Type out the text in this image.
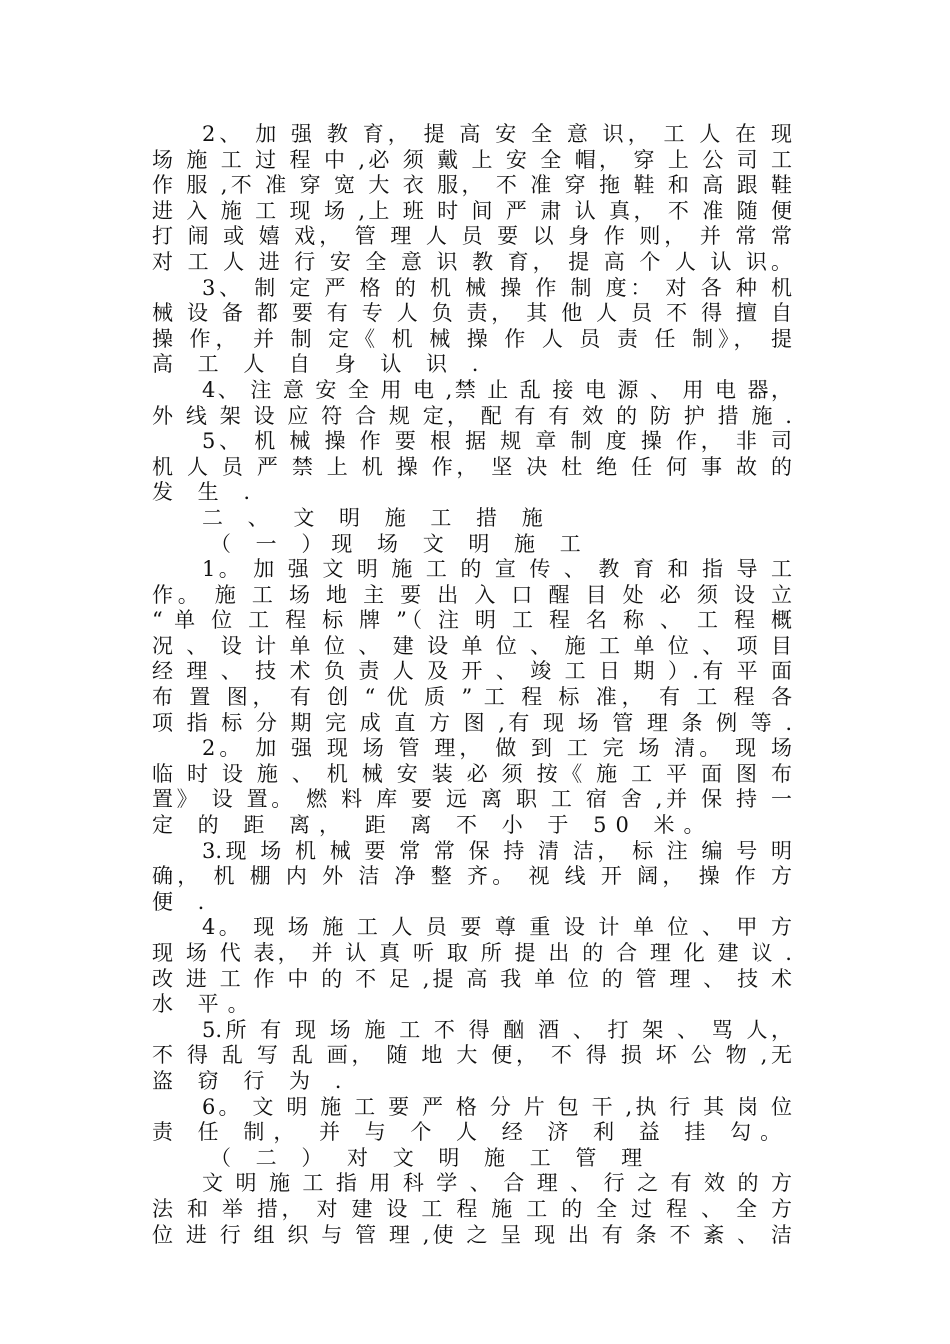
2、 加 强 教 育， 提 高 安 全 意 识， 工 人 在 现
场 施 工 过 程 中 ,必 须 戴 上 安 全 帽， 穿 上 公 司 工
作 服 ,不 准 穿 宽 大 衣 服， 不 准 穿 拖 鞋 和 高 跟 鞋
进 入 施 工 现 场 ,上 班 时 间 严 肃 认 真， 不 准 随 便
打 闹 或 嬉 戏， 管 理 人 员 要 以 身 作 则， 并 常 常
对 工 人 进 行 安 全 意 识 教 育， 提 高 个 人 认 识。
3、 制 定 严 格 的 机 械 操 作 制 度： 对 各 种 机
械 设 备 都 要 有 专 人 负 责， 其 他 人 员 不 得 擅 自
操 作， 并 制 定《 机 械 操 作 人 员 责 任 制》， 提
高 工 人 自 身 认 识 .
4、 注 意 安 全 用 电 ,禁 止 乱 接 电 源 、 用 电 器，
外 线 架 设 应 符 合 规 定， 配 有 有 效 的 防 护 措 施 .
5、 机 械 操 作 要 根 据 规 章 制 度 操 作， 非 司
机 人 员 严 禁 上 机 操 作， 坚 决 杜 绝 任 何 事 故 的
发 生 .
二 、 文 明 施 工 措 施
（ 一 ）现 场 文 明 施 工
1。 加 强 文 明 施 工 的 宣 传 、 教 育 和 指 导 工
作。 施 工 场 地 主 要 出 入 口 醒 目 处 必 须 设 立
“ 单 位 工 程 标 牌 ”（ 注 明 工 程 名 称 、 工 程 概
况 、 设 计 单 位 、 建 设 单 位 、 施 工 单 位 、 项 目
经 理 、 技 术 负 责 人 及 开 、 竣 工 日 期 ）.有 平 面
布 置 图， 有 创 “ 优 质 ” 工 程 标 准， 有 工 程 各
项 指 标 分 期 完 成 直 方 图 ,有 现 场 管 理 条 例 等 .
2。 加 强 现 场 管 理， 做 到 工 完 场 清。 现 场
临 时 设 施 、 机 械 安 装 必 须 按《 施 工 平 面 图 布
置》 设 置。 燃 料 库 要 远 离 职 工 宿 舍 ,并 保 持 一
定 的 距 离， 距 离 不 小 于 50 米。
3.现 场 机 械 要 常 常 保 持 清 洁， 标 注 编 号 明
确， 机 棚 内 外 洁 净 整 齐。 视 线 开 阔， 操 作 方
便 .
4。 现 场 施 工 人 员 要 尊 重 设 计 单 位 、 甲 方
现 场 代 表， 并 认 真 听 取 所 提 出 的 合 理 化 建 议 .
改 进 工 作 中 的 不 足 ,提 高 我 单 位 的 管 理 、 技 术
水 平。
5.所 有 现 场 施 工 不 得 酗 酒 、 打 架 、 骂 人，
不 得 乱 写 乱 画， 随 地 大 便， 不 得 损 坏 公 物 ,无
盗 窃 行 为 .
6。 文 明 施 工 要 严 格 分 片 包 干 ,执 行 其 岗 位
责 任 制， 并 与 个 人 经 济 利 益 挂 勾。
（ 二 ） 对 文 明 施 工 管 理
文 明 施 工 指 用 科 学 、 合 理 、 行 之 有 效 的 方
法 和 举 措， 对 建 设 工 程 施 工 的 全 过 程 、 全 方
位 进 行 组 织 与 管 理 ,使 之 呈 现 出 有 条 不 紊 、 洁
